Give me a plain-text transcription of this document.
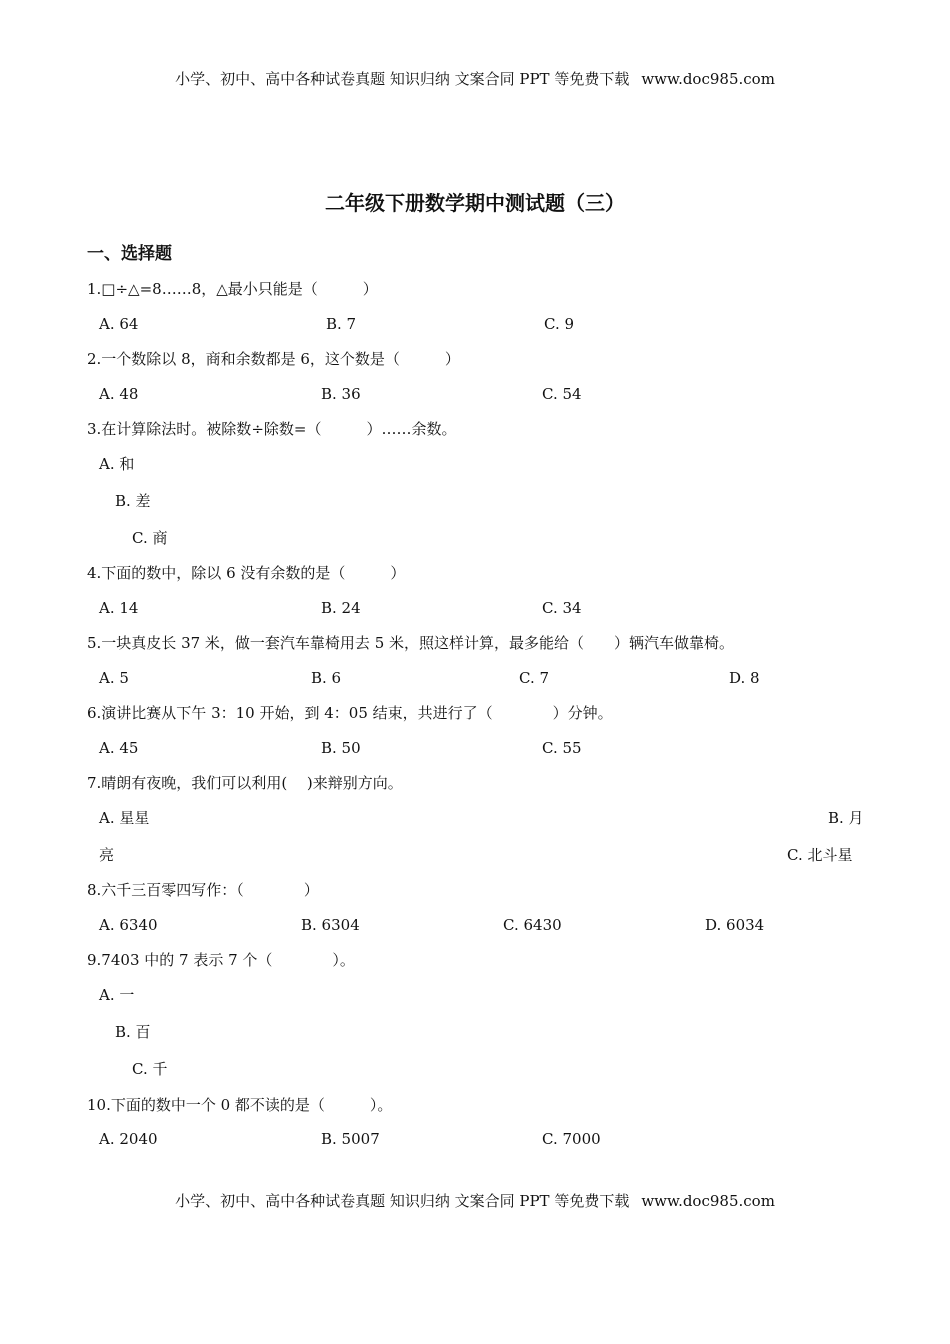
小学、初中、高中各种试卷真题 知识归纳 文案合同 PPT 等免费下载 www.doc985.com
二年级下册数学期中测试题（三）
一、选择题
1.□÷△=8……8，△最小只能是（　　　）
A. 64	B. 7	C. 9
2.一个数除以 8，商和余数都是 6，这个数是（　　　）
A. 48	B. 36	C. 54
3.在计算除法时。被除数÷除数=（　　　）……余数。
A. 和
B. 差
C. 商
4.下面的数中，除以 6 没有余数的是（　　　）
A. 14	B. 24	C. 34
5.一块真皮长 37 米，做一套汽车靠椅用去 5 米，照这样计算，最多能给（　　）辆汽车做靠椅。
A. 5	B. 6	C. 7	D. 8
6.演讲比赛从下午 3：10 开始，到 4：05 结束，共进行了（　　　　）分钟。
A. 45	B. 50	C. 55
7.晴朗有夜晚，我们可以利用(　 )来辩别方向。
A. 星星	B. 月
亮	C. 北斗星
8.六千三百零四写作：（　　　　）
A. 6340	B. 6304	C. 6430	D. 6034
9.7403 中的 7 表示 7 个（　　　　）。
A. 一
B. 百
C. 千
10.下面的数中一个 0 都不读的是（　　　）。
A. 2040	B. 5007	C. 7000
小学、初中、高中各种试卷真题 知识归纳 文案合同 PPT 等免费下载 www.doc985.com
